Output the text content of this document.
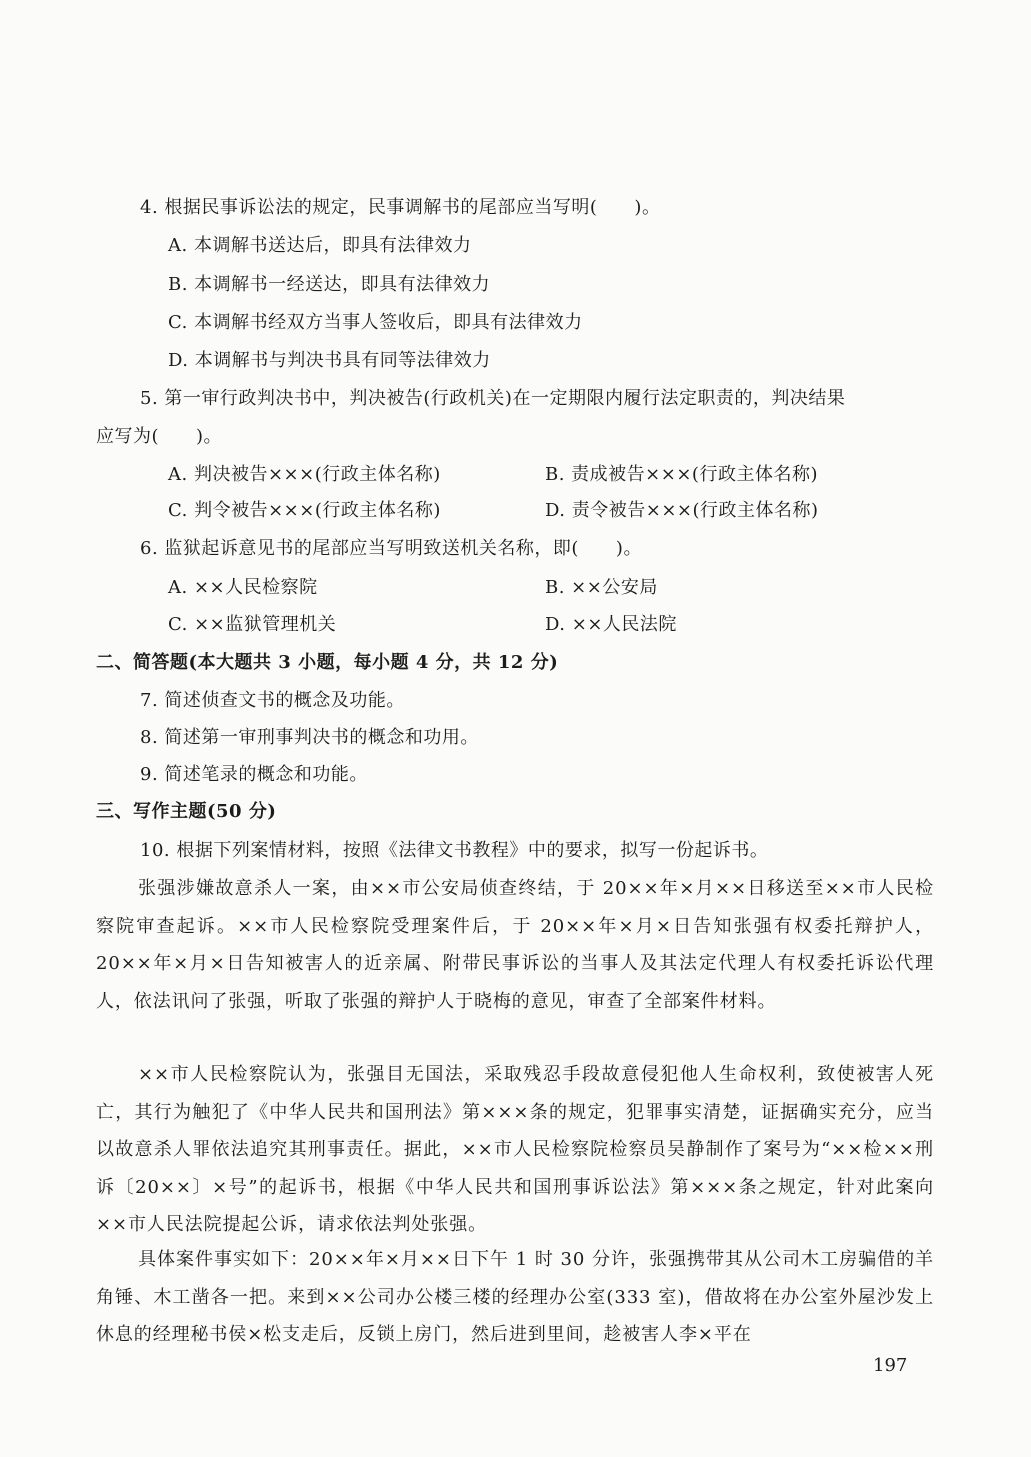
4. 根据民事诉讼法的规定，民事调解书的尾部应当写明(　　)。
A. 本调解书送达后，即具有法律效力
B. 本调解书一经送达，即具有法律效力
C. 本调解书经双方当事人签收后，即具有法律效力
D. 本调解书与判决书具有同等法律效力
5. 第一审行政判决书中，判决被告(行政机关)在一定期限内履行法定职责的，判决结果
应写为(　　)。
A. 判决被告×××(行政主体名称)	B. 责成被告×××(行政主体名称)
C. 判令被告×××(行政主体名称)	D. 责令被告×××(行政主体名称)
6. 监狱起诉意见书的尾部应当写明致送机关名称，即(　　)。
A. ××人民检察院	B. ××公安局
C. ××监狱管理机关	D. ××人民法院
二、简答题(本大题共 3 小题，每小题 4 分，共 12 分)
7. 简述侦查文书的概念及功能。
8. 简述第一审刑事判决书的概念和功用。
9. 简述笔录的概念和功能。
三、写作主题(50 分)
10. 根据下列案情材料，按照《法律文书教程》中的要求，拟写一份起诉书。
张强涉嫌故意杀人一案，由××市公安局侦查终结，于 20××年×月××日移送至××市人民检察院审查起诉。××市人民检察院受理案件后，于 20××年×月×日告知张强有权委托辩护人，20××年×月×日告知被害人的近亲属、附带民事诉讼的当事人及其法定代理人有权委托诉讼代理人，依法讯问了张强，听取了张强的辩护人于晓梅的意见，审查了全部案件材料。
××市人民检察院认为，张强目无国法，采取残忍手段故意侵犯他人生命权利，致使被害人死亡，其行为触犯了《中华人民共和国刑法》第×××条的规定，犯罪事实清楚，证据确实充分，应当以故意杀人罪依法追究其刑事责任。据此，××市人民检察院检察员吴静制作了案号为“××检××刑诉〔20××〕×号”的起诉书，根据《中华人民共和国刑事诉讼法》第×××条之规定，针对此案向××市人民法院提起公诉，请求依法判处张强。
具体案件事实如下：20××年×月××日下午 1 时 30 分许，张强携带其从公司木工房骗借的羊角锤、木工凿各一把。来到××公司办公楼三楼的经理办公室(333 室)，借故将在办公室外屋沙发上休息的经理秘书侯×松支走后，反锁上房门，然后进到里间，趁被害人李×平在
197
